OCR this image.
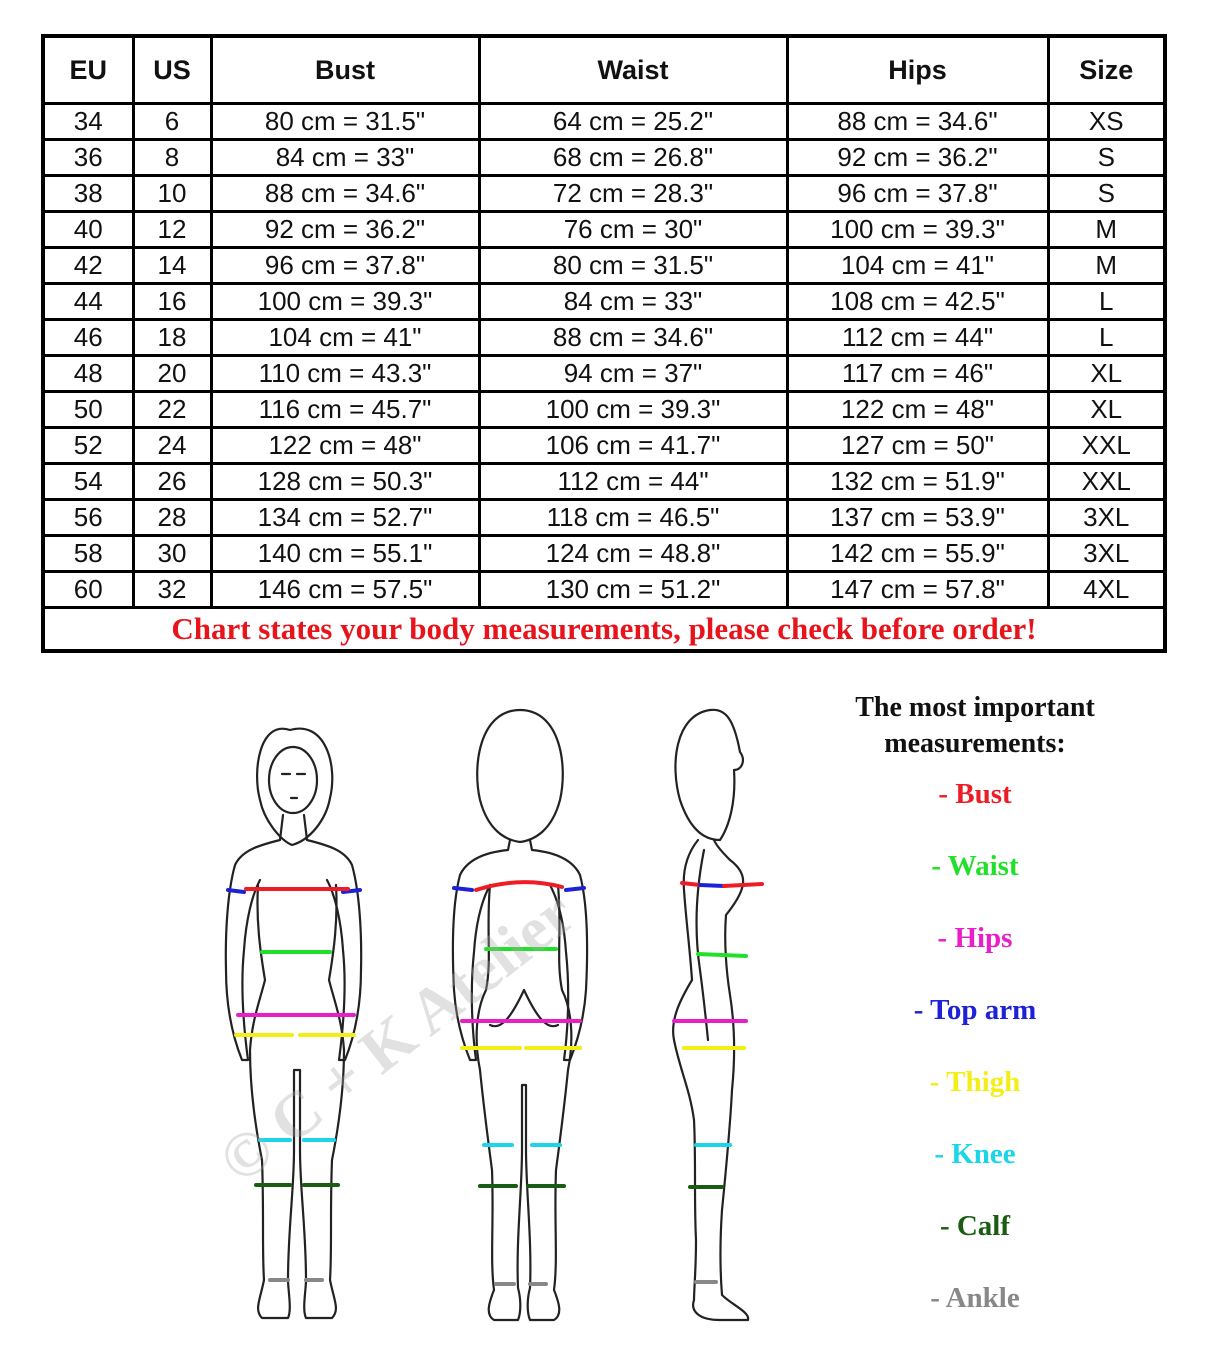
EU	US	Bust	Waist	Hips	Size
34	6	80 cm = 31.5"	64 cm = 25.2"	88 cm = 34.6"	XS
36	8	84 cm = 33"	68 cm = 26.8"	92 cm = 36.2"	S
38	10	88 cm = 34.6"	72 cm = 28.3"	96 cm = 37.8"	S
40	12	92 cm = 36.2"	76 cm = 30"	100 cm = 39.3"	M
42	14	96 cm = 37.8"	80 cm = 31.5"	104 cm = 41"	M
44	16	100 cm = 39.3"	84 cm = 33"	108 cm = 42.5"	L
46	18	104 cm = 41"	88 cm = 34.6"	112 cm = 44"	L
48	20	110 cm = 43.3"	94 cm = 37"	117 cm = 46"	XL
50	22	116 cm = 45.7"	100 cm = 39.3"	122 cm = 48"	XL
52	24	122 cm = 48"	106 cm = 41.7"	127 cm = 50"	XXL
54	26	128 cm = 50.3"	112 cm = 44"	132 cm = 51.9"	XXL
56	28	134 cm = 52.7"	118 cm = 46.5"	137 cm = 53.9"	3XL
58	30	140 cm = 55.1"	124 cm = 48.8"	142 cm = 55.9"	3XL
60	32	146 cm = 57.5"	130 cm = 51.2"	147 cm = 57.8"	4XL
Chart states your body measurements, please check before order!					
© C + K Atelier

The most important

measurements:

- Bust
- Waist
- Hips
- Top arm
- Thigh
- Knee
- Calf
- Ankle
